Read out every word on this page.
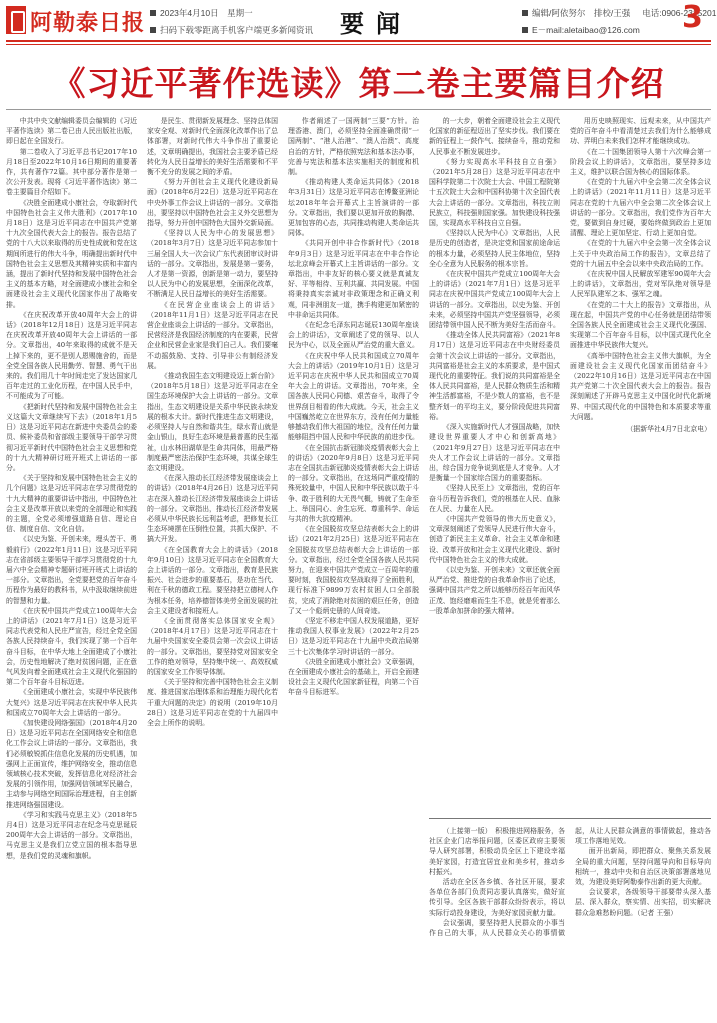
阿勒泰日报	2023年4月10日　星期一
扫码下载零距离手机客户端更多新闻资讯 要闻	编辑/阿依努尔　排校/王强 电话:0906-2315201
E－mail:aletaibao@126.com 3
《习近平著作选读》第二卷主要篇目介绍

中共中央文献编辑委员会编辑的《习近平著作选读》第二卷已由人民出版社出版，即日起在全国发行。

第二卷收入了习近平总书记2017年10月18日至2022年10月16日期间的重要著作，共有著作72篇。其中部分著作是第一次公开发表。现将《习近平著作选读》第二卷主要篇目介绍如下。

《决胜全面建成小康社会，夺取新时代中国特色社会主义伟大胜利》（2017年10月18日）这是习近平同志在中国共产党第十九次全国代表大会上的报告。报告总结了党的十八大以来取得的历史性成就和党在这期间所进行的伟大斗争，明确提出新时代中国特色社会主义思想及其精神实质和丰富内涵，提出了新时代坚持和发展中国特色社会主义的基本方略，对全面建成小康社会和全面建设社会主义现代化国家作出了战略安排。

《在庆祝改革开放40周年大会上的讲话》（2018年12月18日）这是习近平同志在庆祝改革开放40周年大会上讲话的一部分。文章指出，40年来取得的成就不是天上掉下来的，更不是别人恩赐施舍的，而是全党全国各族人民用勤劳、智慧、勇气干出来的。我们用几十年时间走完了发达国家几百年走过的工业化历程，在中国人民手中，不可能成为了可能。

《把新时代坚持和发展中国特色社会主义这篇大文章继续写下去》（2018年1月5日）这是习近平同志在新进中央委员会的委员、候补委员和省部级主要领导干部学习贯彻习近平新时代中国特色社会主义思想和党的十九大精神研讨班开班式上讲话的一部分。

《关于坚持和发展中国特色社会主义的几个问题》这是习近平同志在学习贯彻党的十九大精神的重要讲话中指出，中国特色社会主义是改革开放以来党的全部理论和实践的主题，全党必须增强道路自信、理论自信、制度自信、文化自信。

《以史为鉴、开创未来，埋头苦干、勇毅前行》（2022年1月11日）这是习近平同志在省部级主要领导干部学习贯彻党的十九届六中全会精神专题研讨班开班式上讲话的一部分。文章指出，全党要把党的百年奋斗历程作为最好的教科书，从中汲取继续前进的智慧和力量。

《在庆祝中国共产党成立100周年大会上的讲话》（2021年7月1日）这是习近平同志代表党和人民庄严宣告，经过全党全国各族人民持续奋斗，我们实现了第一个百年奋斗目标，在中华大地上全面建成了小康社会，历史性地解决了绝对贫困问题，正在意气风发向着全面建成社会主义现代化强国的第二个百年奋斗目标迈进。

《全面建成小康社会，实现中华民族伟大复兴》这是习近平同志在庆祝中华人民共和国成立70周年大会上讲话的一部分。

《加快建设网络强国》（2018年4月20日）这是习近平同志在全国网络安全和信息化工作会议上讲话的一部分。文章指出，我们必须敏锐抓住信息化发展的历史机遇，加强网上正面宣传，维护网络安全，推动信息领域核心技术突破，发挥信息化对经济社会发展的引领作用，加强网信领域军民融合，主动参与网络空间国际治理进程，自主创新推进网络强国建设。

《学习和实践马克思主义》（2018年5月4日）这是习近平同志在纪念马克思诞辰200周年大会上讲话的一部分。文章指出，马克思主义是我们立党立国的根本指导思想，是我们党的灵魂和旗帜。

是民生、贯彻新发展理念、坚持总体国家安全观、对新时代全面深化改革作出了总体部署，对新时代伟大斗争作出了重要论述，文章明确提出，我国社会主要矛盾已经转化为人民日益增长的美好生活需要和不平衡不充分的发展之间的矛盾。

《努力开创社会主义现代化建设新局面》（2018年6月22日）这是习近平同志在中央外事工作会议上讲话的一部分。文章指出，要坚持以中国特色社会主义外交思想为指导，努力开创中国特色大国外交新局面。

《坚持以人民为中心的发展思想》（2018年3月7日）这是习近平同志参加十三届全国人大一次会议广东代表团审议时讲话的一部分。文章指出，发展是第一要务，人才是第一资源，创新是第一动力，要坚持以人民为中心的发展思想，全面深化改革，不断满足人民日益增长的美好生活需要。

《在民营企业座谈会上的讲话》（2018年11月1日）这是习近平同志在民营企业座谈会上讲话的一部分。文章指出，民营经济是我国经济制度的内在要素，民营企业和民营企业家是我们自己人。我们要毫不动摇鼓励、支持、引导非公有制经济发展。

《推动我国生态文明建设迈上新台阶》（2018年5月18日）这是习近平同志在全国生态环境保护大会上讲话的一部分。文章指出，生态文明建设是关系中华民族永续发展的根本大计。新时代推进生态文明建设，必须坚持人与自然和谐共生，绿水青山就是金山银山，良好生态环境是最普惠的民生福祉，山水林田湖草是生命共同体，用最严格制度最严密法治保护生态环境，共谋全球生态文明建设。

《在深入推动长江经济带发展座谈会上的讲话》（2018年4月26日）这是习近平同志在深入推动长江经济带发展座谈会上讲话的一部分。文章指出，推动长江经济带发展必须从中华民族长远利益考虑，把修复长江生态环境摆在压倒性位置，共抓大保护、不搞大开发。

《在全国教育大会上的讲话》（2018年9月10日）这是习近平同志在全国教育大会上讲话的一部分。文章指出，教育是民族振兴、社会进步的重要基石，是功在当代、利在千秋的德政工程。要坚持把立德树人作为根本任务，培养德智体美劳全面发展的社会主义建设者和接班人。

《全面贯彻落实总体国家安全观》（2018年4月17日）这是习近平同志在十九届中央国家安全委员会第一次会议上讲话的一部分。文章指出，要坚持党对国家安全工作的绝对领导，坚持集中统一、高效权威的国家安全工作领导体制。

《关于坚持和完善中国特色社会主义制度、推进国家治理体系和治理能力现代化若干重大问题的决定》的说明（2019年10月28日）这是习近平同志在党的十九届四中全会上所作的说明。

作者阐述了一国两制“三要”方针。治理香港、澳门，必须坚持全面准确贯彻“一国两制”、“港人治港”、“澳人治澳”、高度自治的方针，严格依照宪法和基本法办事，完善与宪法和基本法实施相关的制度和机制。

《推动构建人类命运共同体》（2018年3月31日）这是习近平同志在博鳌亚洲论坛2018年年会开幕式上主旨演讲的一部分。文章指出，我们要以更加开放的胸襟、更加包容的心态，共同推动构建人类命运共同体。

《共同开创中非合作新时代》（2018年9月3日）这是习近平同志在中非合作论坛北京峰会开幕式上主旨讲话的一部分。文章指出，中非友好的核心要义就是真诚友好、平等相待、互利共赢、共同发展。中国将秉持真实亲诚对非政策理念和正确义利观，同非洲朋友一道，携手构建更加紧密的中非命运共同体。

《在纪念毛泽东同志诞辰130周年座谈会上的讲话》，文章阐述了党的领导、以人民为中心，以及全面从严治党的重大意义。

《在庆祝中华人民共和国成立70周年大会上的讲话》（2019年10月1日）这是习近平同志在庆祝中华人民共和国成立70周年大会上的讲话。文章指出，70年来，全国各族人民同心同德、艰苦奋斗，取得了令世界刮目相看的伟大成就。今天，社会主义中国巍然屹立在世界东方，没有任何力量能够撼动我们伟大祖国的地位，没有任何力量能够阻挡中国人民和中华民族的前进步伐。

《在全国抗击新冠肺炎疫情表彰大会上的讲话》（2020年9月8日）这是习近平同志在全国抗击新冠肺炎疫情表彰大会上讲话的一部分。文章指出，在这场同严重疫情的殊死较量中，中国人民和中华民族以敢于斗争、敢于胜利的大无畏气概，铸就了生命至上、举国同心、舍生忘死、尊重科学、命运与共的伟大抗疫精神。

《在全国脱贫攻坚总结表彰大会上的讲话》（2021年2月25日）这是习近平同志在全国脱贫攻坚总结表彰大会上讲话的一部分。文章指出，经过全党全国各族人民共同努力，在迎来中国共产党成立一百周年的重要时刻，我国脱贫攻坚战取得了全面胜利，现行标准下9899万农村贫困人口全部脱贫，完成了消除绝对贫困的艰巨任务，创造了又一个彪炳史册的人间奇迹。

《坚定不移走中国人权发展道路，更好推动我国人权事业发展》（2022年2月25日）这是习近平同志在十九届中央政治局第三十七次集体学习时讲话的一部分。

《决胜全面建成小康社会》文章强调，在全面建成小康社会的基础上，开启全面建设社会主义现代化国家新征程，向第二个百年奋斗目标进军。

的一大步，朝着全面建设社会主义现代化国家的新征程迈出了坚实步伐。我们要在新的征程上一鼓作气、接续奋斗，推动党和人民事业不断发展进步。

《努力实现高水平科技自立自强》（2021年5月28日）这是习近平同志在中国科学院第二十次院士大会、中国工程院第十五次院士大会和中国科协第十次全国代表大会上讲话的一部分。文章指出，科技立则民族立，科技强则国家强。加快建设科技强国，实现高水平科技自立自强。

《坚持以人民为中心》文章指出，人民是历史的创造者，是决定党和国家前途命运的根本力量，必须坚持人民主体地位，坚持全心全意为人民服务的根本宗旨。

《在庆祝中国共产党成立100周年大会上的讲话》（2021年7月1日）这是习近平同志在庆祝中国共产党成立100周年大会上讲话的一部分。文章指出，以史为鉴、开创未来，必须坚持中国共产党坚强领导，必须团结带领中国人民不断为美好生活而奋斗。

《推动全体人民共同富裕》（2021年8月17日）这是习近平同志在中央财经委员会第十次会议上讲话的一部分。文章指出，共同富裕是社会主义的本质要求，是中国式现代化的重要特征。我们说的共同富裕是全体人民共同富裕，是人民群众物质生活和精神生活都富裕，不是少数人的富裕，也不是整齐划一的平均主义，要分阶段促进共同富裕。

《深入实施新时代人才强国战略，加快建设世界重要人才中心和创新高地》（2021年9月27日）这是习近平同志在中央人才工作会议上讲话的一部分。文章指出，综合国力竞争说到底是人才竞争。人才是衡量一个国家综合国力的重要指标。

《坚持人民至上》文章指出，党的百年奋斗历程告诉我们，党的根基在人民、血脉在人民、力量在人民。

《中国共产党领导的伟大历史意义》，文章深刻阐述了党领导人民进行伟大奋斗，创造了新民主主义革命、社会主义革命和建设、改革开放和社会主义现代化建设、新时代中国特色社会主义的伟大成就。

《以史为鉴、开创未来》文章还就全面从严治党、推进党的自我革命作出了论述，强调中国共产党之所以能够历经百年而风华正茂、饱经磨难而生生不息，就是凭着那么一股革命加拼命的强大精神。

用历史映照现实、远观未来，从中国共产党的百年奋斗中看清楚过去我们为什么能够成功、弄明白未来我们怎样才能继续成功。

《在二十国集团领导人第十六次峰会第一阶段会议上的讲话》，文章指出，要坚持多边主义，维护以联合国为核心的国际体系。

《在党的十九届六中全会第二次全体会议上的讲话》（2021年11月11日）这是习近平同志在党的十九届六中全会第二次全体会议上讲话的一部分。文章指出，我们党作为百年大党，要做到自身过硬，要始终做到政治上更加清醒、理论上更加坚定、行动上更加自觉。

《在党的十九届六中全会第一次全体会议上关于中央政治局工作的报告》，文章总结了党的十九届五中全会以来中央政治局的工作。

《在庆祝中国人民解放军建军90周年大会上的讲话》，文章指出，党对军队绝对领导是人民军队建军之本、强军之魂。

《在党的二十大上的报告》文章指出，从现在起，中国共产党的中心任务就是团结带领全国各族人民全面建成社会主义现代化强国、实现第二个百年奋斗目标，以中国式现代化全面推进中华民族伟大复兴。

《高举中国特色社会主义伟大旗帜，为全面建设社会主义现代化国家而团结奋斗》（2022年10月16日）这是习近平同志在中国共产党第二十次全国代表大会上的报告。报告深刻阐述了开辟马克思主义中国化时代化新境界、中国式现代化的中国特色和本质要求等重大问题。

（据新华社4月7日北京电）

（上接第一版）　积极推进网格服务，各社区企业门店举报问题，区委区政府主要领导人研究部署，积极动员全区上下建设幸福美好家园，打造宜居宜业和美乡村，推动乡村振兴。

活动在全区各乡镇、各社区开展，要求各单位各部门负责同志要认真落实，做好宣传引导。全区各族干部群众纷纷表示，将以实际行动投身建设，为美好家园贡献力量。

会议强调，要坚持把人民群众的小事当作自己的大事，从人民群众关心的事情做起，从让人民群众满意的事情做起，推动各项工作落地见效。

面开出新局，即把群众、聚焦关系发展全局的重大问题，坚持问题导向和目标导向相统一，推动中央和自治区决策部署落地见效，为建设美好阿勒泰作出新的更大贡献。

会议要求，各级领导干部要带头深入基层、深入群众，察实情、出实招，切实解决群众急难愁盼问题。（记者 王强）
